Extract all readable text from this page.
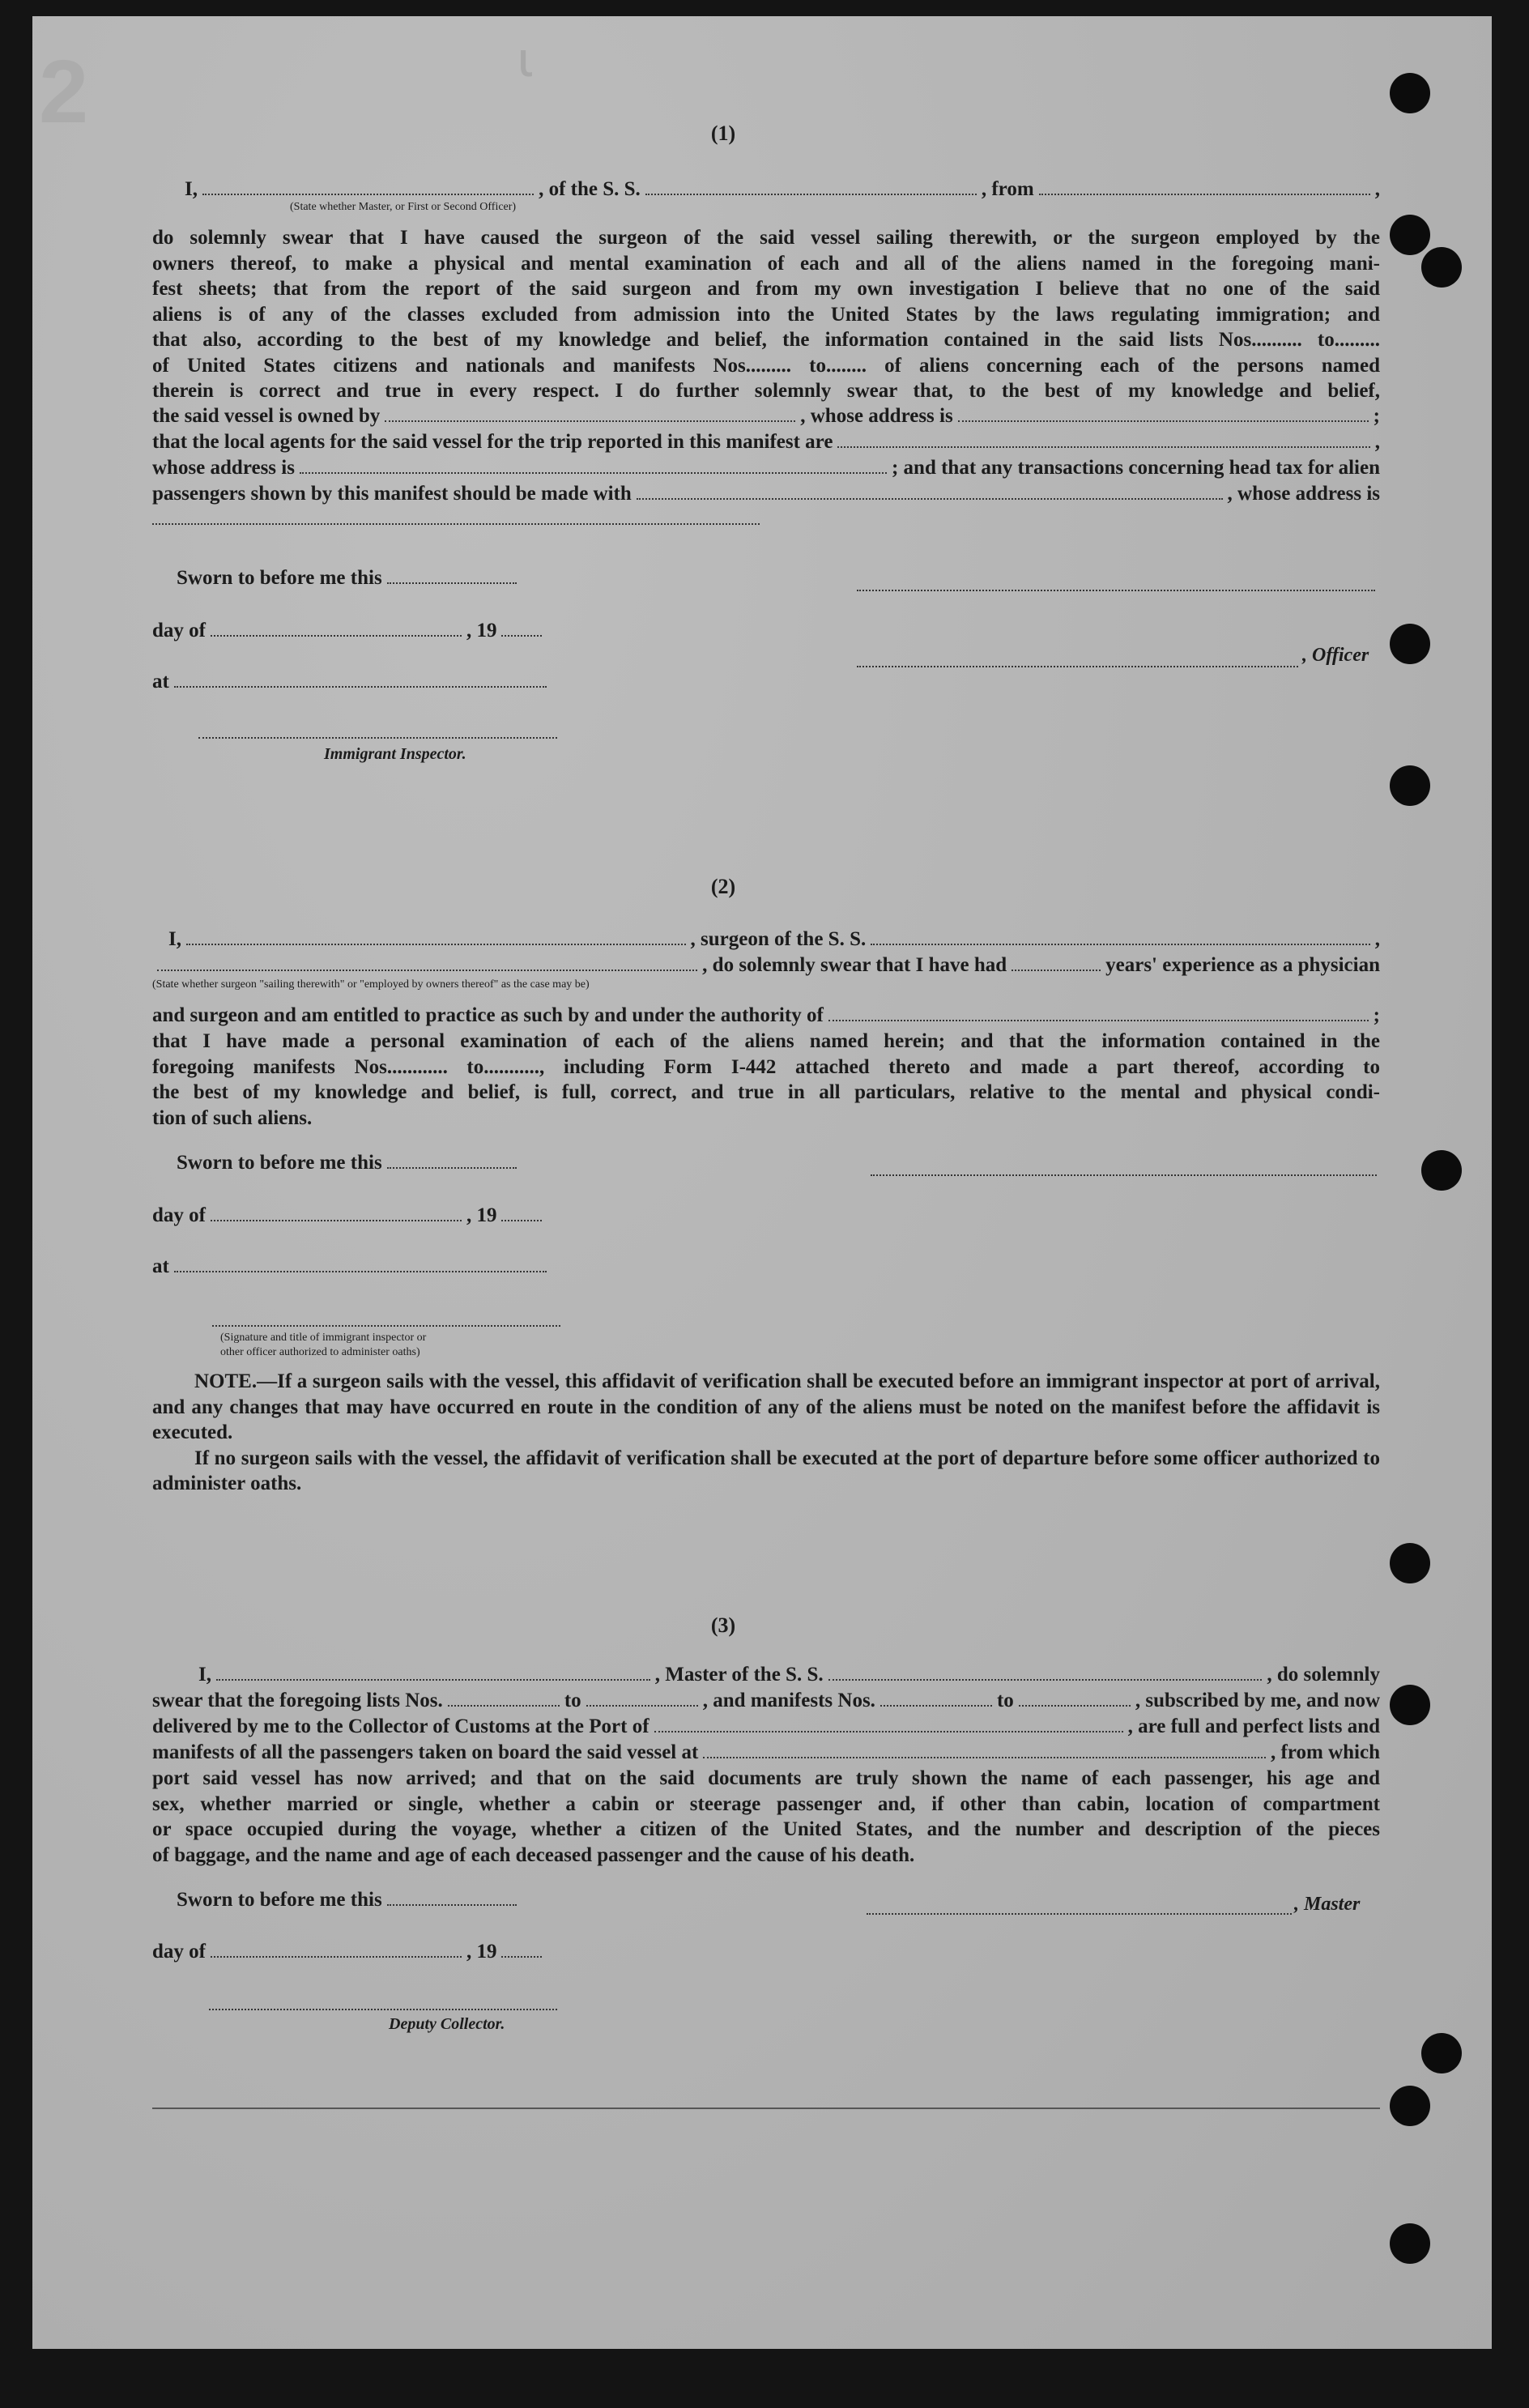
ɿ
2	(1)
I,	, of the S. S.	, from	,
(State whether Master, or First or Second Officer)
do solemnly swear that I have caused the surgeon of the said vessel sailing therewith, or the surgeon employed by the
owners thereof, to make a physical and mental examination of each and all of the aliens named in the foregoing mani-
fest sheets; that from the report of the said surgeon and from my own investigation I believe that no one of the said
aliens is of any of the classes excluded from admission into the United States by the laws regulating immigration; and
that also, according to the best of my knowledge and belief, the information contained in the said lists Nos.......... to.........
of United States citizens and nationals and manifests Nos......... to........ of aliens concerning each of the persons named
therein is correct and true in every respect. I do further solemnly swear that, to the best of my knowledge and belief,
the said vessel is owned by	, whose address is	;
that the local agents for the said vessel for the trip reported in this manifest are	,
whose address is	; and that any transactions concerning head tax for alien
passengers shown by this manifest should be made with	, whose address is
Sworn to before me this
day of	, 19
, Officer
at
Immigrant Inspector.
(2)
I,	, surgeon of the S. S.	,
, do solemnly swear that I have had	years' experience as a physician
(State whether surgeon "sailing therewith" or "employed by owners thereof" as the case may be)
and surgeon and am entitled to practice as such by and under the authority of	;
that I have made a personal examination of each of the aliens named herein; and that the information contained in the
foregoing manifests Nos............ to..........., including Form I-442 attached thereto and made a part thereof, according to
the best of my knowledge and belief, is full, correct, and true in all particulars, relative to the mental and physical condi-
tion of such aliens.
Sworn to before me this
day of	, 19
at
(Signature and title of immigrant inspector or
other officer authorized to administer oaths)

NOTE.—If a surgeon sails with the vessel, this affidavit of verification shall be executed before an immigrant inspector at port of arrival, and any changes that may have occurred en route in the condition of any of the aliens must be noted on the manifest before the affidavit is executed.

If no surgeon sails with the vessel, the affidavit of verification shall be executed at the port of departure before some officer authorized to administer oaths.

(3)
I,	, Master of the S. S.	, do solemnly
swear that the foregoing lists Nos.	to	, and manifests Nos.	to	, subscribed by me, and now
delivered by me to the Collector of Customs at the Port of	, are full and perfect lists and
manifests of all the passengers taken on board the said vessel at	, from which
port said vessel has now arrived; and that on the said documents are truly shown the name of each passenger, his age and
sex, whether married or single, whether a cabin or steerage passenger and, if other than cabin, location of compartment
or space occupied during the voyage, whether a citizen of the United States, and the number and description of the pieces
of baggage, and the name and age of each deceased passenger and the cause of his death.
Sworn to before me this	, Master
day of	, 19
Deputy Collector.
